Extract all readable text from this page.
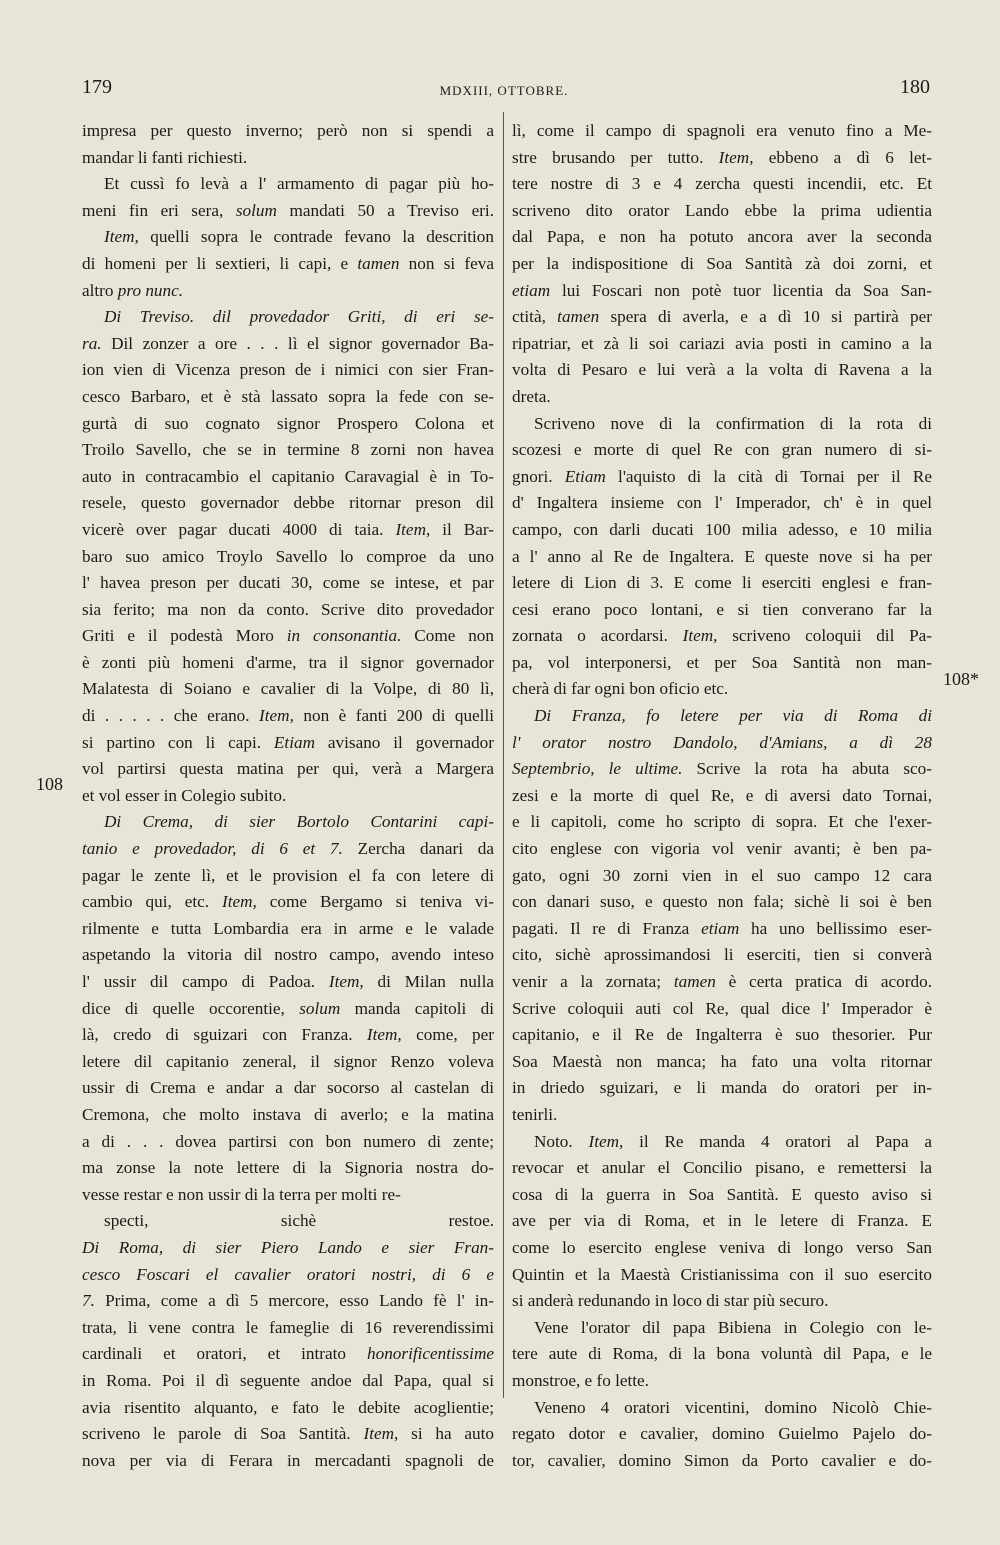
179	MDXIII, OTTOBRE.	180
impresa per questo inverno; però non si spendi a
mandar li fanti richiesti.
Et cussì fo levà a l' armamento di pagar più ho-
meni fin eri sera, solum mandati 50 a Treviso eri.
Item, quelli sopra le contrade fevano la descrition
di homeni per li sextieri, li capi, e tamen non si feva
altro pro nunc.
Di Treviso. dil provedador Griti, di eri se-
ra. Dil zonzer a ore . . . lì el signor governador Ba-
ion vien di Vicenza preson de i nimici con sier Fran-
cesco Barbaro, et è stà lassato sopra la fede con se-
gurtà di suo cognato signor Prospero Colona et
Troilo Savello, che se in termine 8 zorni non havea
auto in contracambio el capitanio Caravagial è in To-
resele, questo governador debbe ritornar preson dil
vicerè over pagar ducati 4000 di taia. Item, il Bar-
baro suo amico Troylo Savello lo comproe da uno
l' havea preson per ducati 30, come se intese, et par
sia ferito; ma non da conto. Scrive dito provedador
Griti e il podestà Moro in consonantia. Come non
è zonti più homeni d'arme, tra il signor governador
Malatesta di Soiano e cavalier di la Volpe, di 80 lì,
di . . . . . che erano. Item, non è fanti 200 di quelli
si partino con li capi. Etiam avisano il governador
vol partirsi questa matina per qui, verà a Margera
et vol esser in Colegio subito.
Di Crema, di sier Bortolo Contarini capi-
tanio e provedador, di 6 et 7. Zercha danari da
pagar le zente lì, et le provision el fa con letere di
cambio qui, etc. Item, come Bergamo si teniva vi-
rilmente e tutta Lombardia era in arme e le valade
aspetando la vitoria dil nostro campo, avendo inteso
l' ussir dil campo di Padoa. Item, di Milan nulla
dice di quelle occorentie, solum manda capitoli di
là, credo di sguizari con Franza. Item, come, per
letere dil capitanio zeneral, il signor Renzo voleva
ussir di Crema e andar a dar socorso al castelan di
Cremona, che molto instava di averlo; e la matina
a di . . . dovea partirsi con bon numero di zente;
ma zonse la note lettere di la Signoria nostra do-
vesse restar e non ussir di la terra per molti re-
specti, sichè restoe.
Di Roma, di sier Piero Lando e sier Fran-
cesco Foscari el cavalier oratori nostri, di 6 e
7. Prima, come a dì 5 mercore, esso Lando fè l' in-
trata, li vene contra le fameglie di 16 reverendissimi
cardinali et oratori, et intrato honorificentissime
in Roma. Poi il dì seguente andoe dal Papa, qual si
avia risentito alquanto, e fato le debite acoglientie;
scriveno le parole di Soa Santità. Item, si ha auto
nova per via di Ferara in mercadanti spagnoli de
lì, come il campo di spagnoli era venuto fino a Me-
stre brusando per tutto. Item, ebbeno a dì 6 let-
tere nostre di 3 e 4 zercha questi incendii, etc. Et
scriveno dito orator Lando ebbe la prima udientia
dal Papa, e non ha potuto ancora aver la seconda
per la indispositione di Soa Santità zà doi zorni, et
etiam lui Foscari non potè tuor licentia da Soa San-
ctità, tamen spera di averla, e a dì 10 si partirà per
ripatriar, et zà li soi cariazi avia posti in camino a la
volta di Pesaro e lui verà a la volta di Ravena a la
dreta.
Scriveno nove di la confirmation di la rota di
scozesi e morte di quel Re con gran numero di si-
gnori. Etiam l'aquisto di la cità di Tornai per il Re
d' Ingaltera insieme con l' Imperador, ch' è in quel
campo, con darli ducati 100 milia adesso, e 10 milia
a l' anno al Re de Ingaltera. E queste nove si ha per
letere di Lion di 3. E come li eserciti englesi e fran-
cesi erano poco lontani, e si tien converano far la
zornata o acordarsi. Item, scriveno coloquii dil Pa-
pa, vol interponersi, et per Soa Santità non man-
cherà di far ogni bon oficio etc.
Di Franza, fo letere per via di Roma di
l' orator nostro Dandolo, d'Amians, a dì 28
Septembrio, le ultime. Scrive la rota ha abuta sco-
zesi e la morte di quel Re, e di aversi dato Tornai,
e li capitoli, come ho scripto di sopra. Et che l'exer-
cito englese con vigoria vol venir avanti; è ben pa-
gato, ogni 30 zorni vien in el suo campo 12 cara
con danari suso, e questo non fala; sichè li soi è ben
pagati. Il re di Franza etiam ha uno bellissimo eser-
cito, sichè aprossimandosi li eserciti, tien si converà
venir a la zornata; tamen è certa pratica di acordo.
Scrive coloquii auti col Re, qual dice l' Imperador è
capitanio, e il Re de Ingalterra è suo thesorier. Pur
Soa Maestà non manca; ha fato una volta ritornar
in driedo sguizari, e li manda do oratori per in-
tenirli.
Noto. Item, il Re manda 4 oratori al Papa a
revocar et anular el Concilio pisano, e remettersi la
cosa di la guerra in Soa Santità. E questo aviso si
ave per via di Roma, et in le letere di Franza. E
come lo esercito englese veniva di longo verso San
Quintin et la Maestà Cristianissima con il suo esercito
si anderà redunando in loco di star più securo.
Vene l'orator dil papa Bibiena in Colegio con le-
tere aute di Roma, di la bona voluntà dil Papa, e le
monstroe, e fo lette.
Veneno 4 oratori vicentini, domino Nicolò Chie-
regato dotor e cavalier, domino Guielmo Pajelo do-
tor, cavalier, domino Simon da Porto cavalier e do-
108
108*
